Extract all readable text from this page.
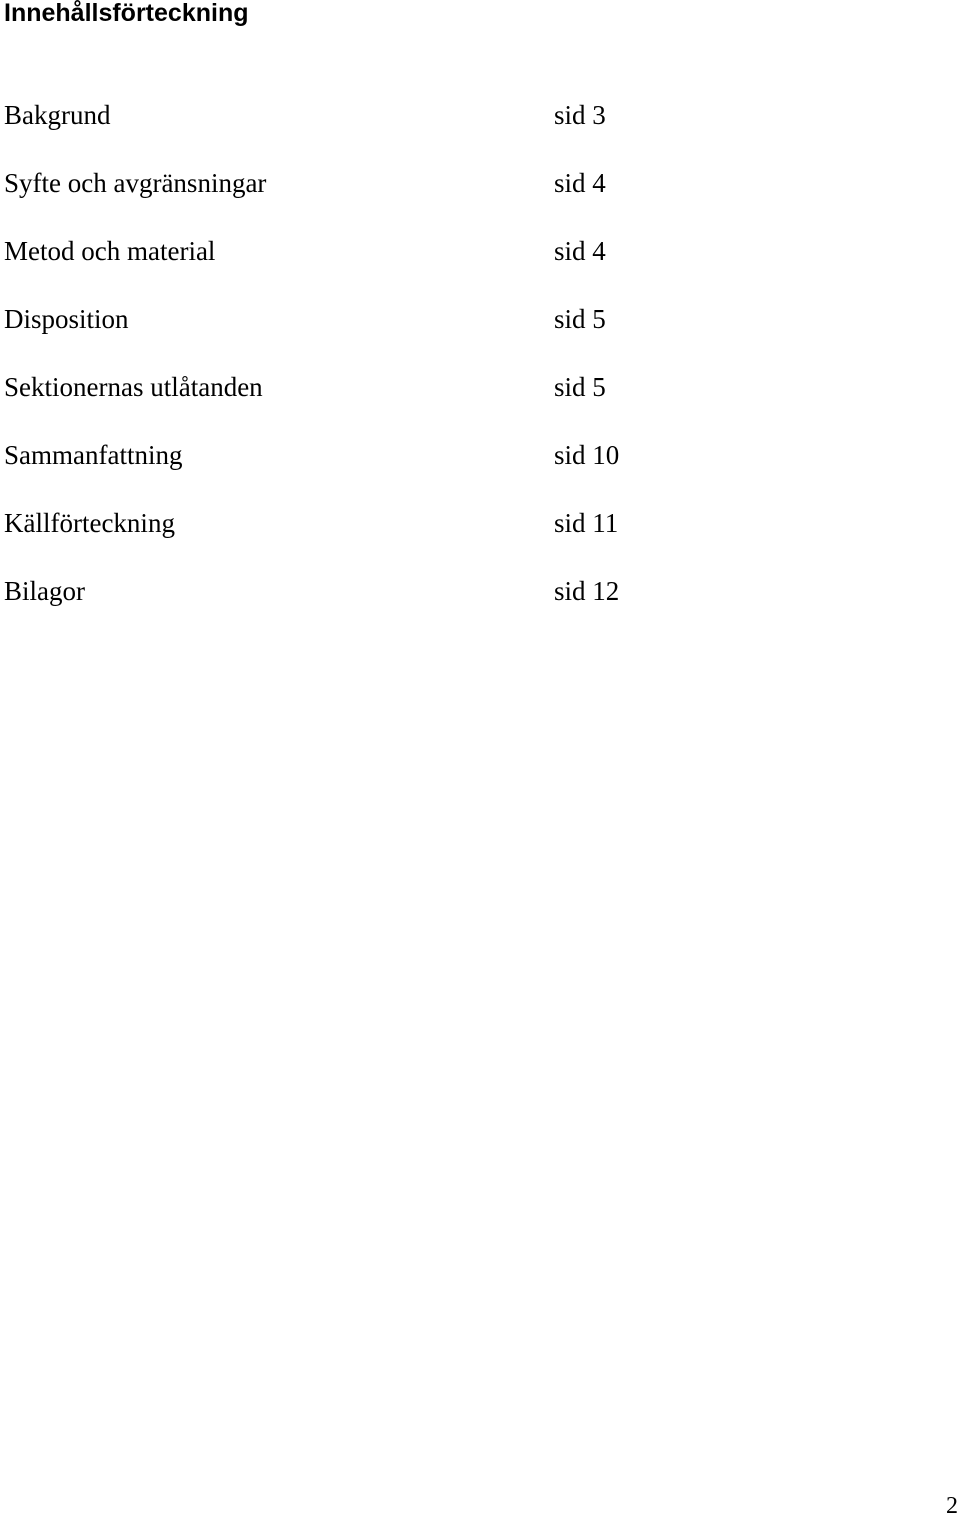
Innehållsförteckning
Bakgrund	sid 3
Syfte och avgränsningar	sid 4
Metod och material	sid 4
Disposition	sid 5
Sektionernas utlåtanden	sid 5
Sammanfattning	sid 10
Källförteckning	sid 11
Bilagor	sid 12
2
